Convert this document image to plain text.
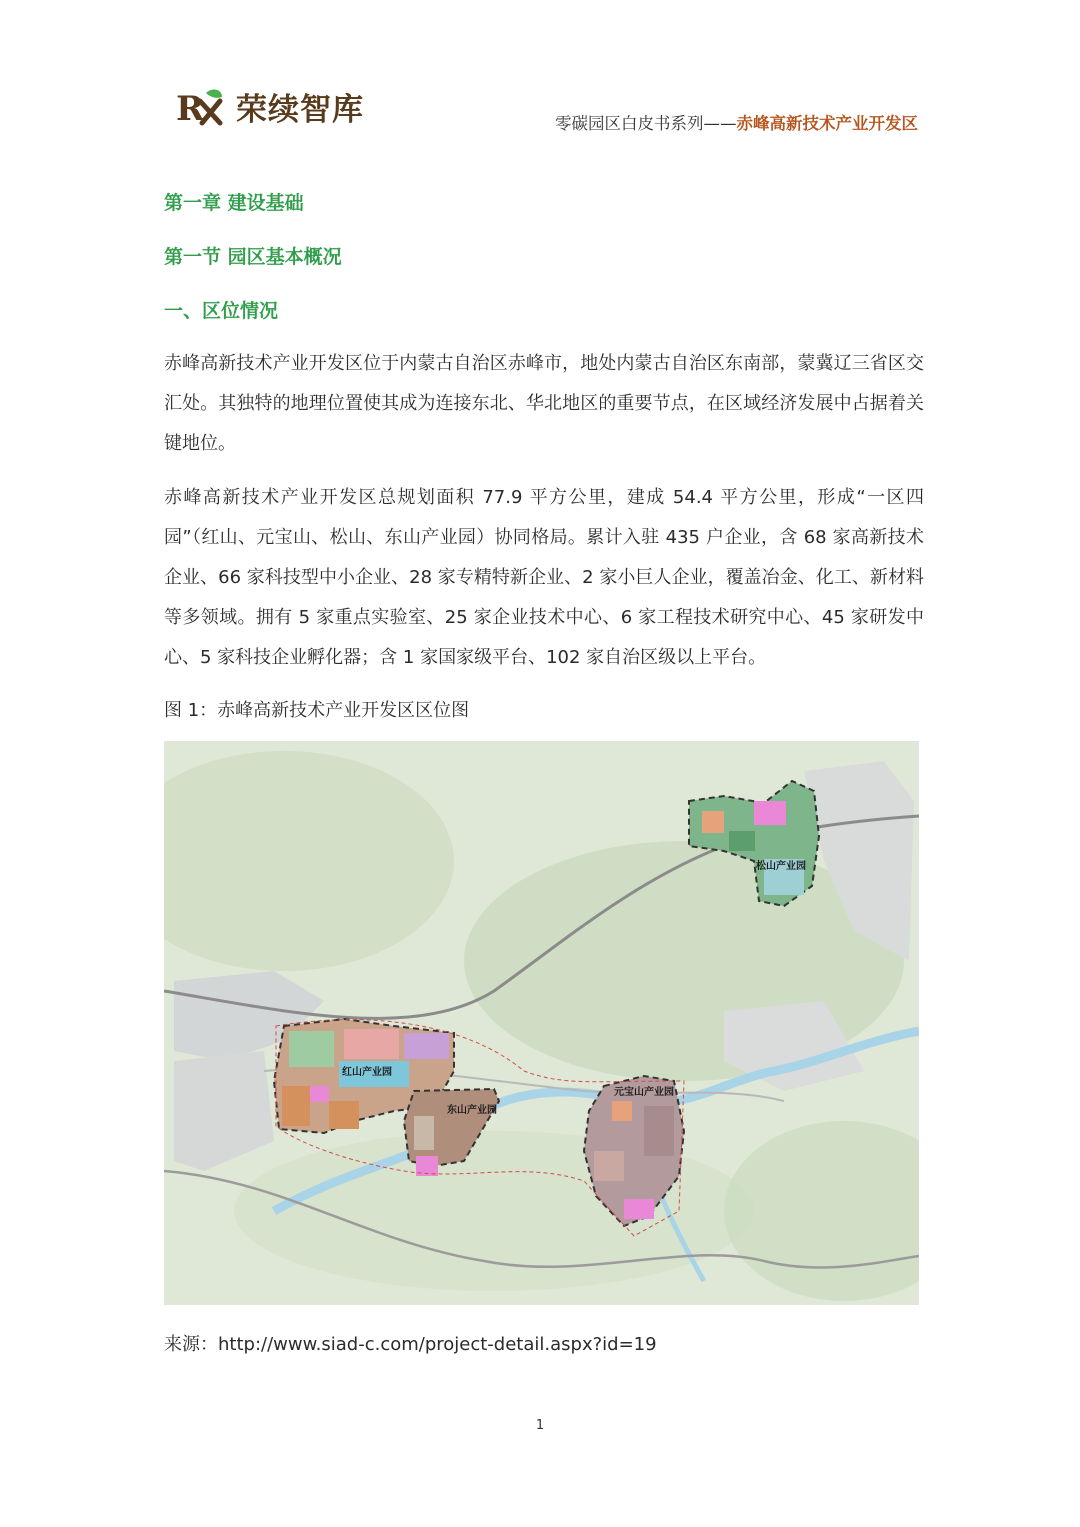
R 荣续智库	零碳园区白皮书系列——赤峰高新技术产业开发区
第一章 建设基础
第一节 园区基本概况
一、区位情况
赤峰高新技术产业开发区位于内蒙古自治区赤峰市，地处内蒙古自治区东南部，蒙冀辽三省区交汇处。其独特的地理位置使其成为连接东北、华北地区的重要节点，在区域经济发展中占据着关键地位。
赤峰高新技术产业开发区总规划面积 77.9 平方公里，建成 54.4 平方公里，形成“一区四园”（红山、元宝山、松山、东山产业园）协同格局。累计入驻 435 户企业，含 68 家高新技术企业、66 家科技型中小企业、28 家专精特新企业、2 家小巨人企业，覆盖冶金、化工、新材料等多领域。拥有 5 家重点实验室、25 家企业技术中心、6 家工程技术研究中心、45 家研发中心、5 家科技企业孵化器；含 1 家国家级平台、102 家自治区级以上平台。
图 1：赤峰高新技术产业开发区区位图
松山产业园
红山产业园
东山产业园
元宝山产业园
来源：http://www.siad-c.com/project-detail.aspx?id=19
1
